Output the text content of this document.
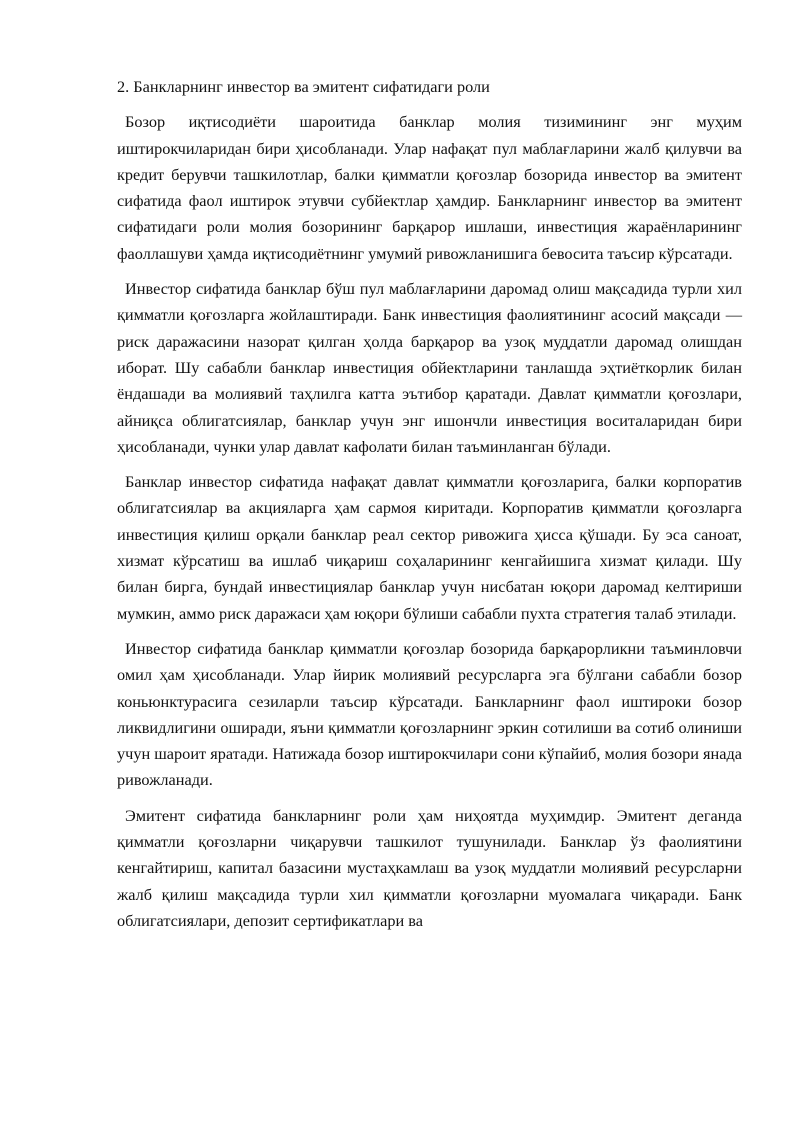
2. Банкларнинг инвестор ва эмитент сифатидаги роли

Бозор иқтисодиёти шароитида банклар молия тизимининг энг муҳим иштирокчиларидан бири ҳисобланади. Улар нафақат пул маблағларини жалб қилувчи ва кредит берувчи ташкилотлар, балки қимматли қоғозлар бозорида инвестор ва эмитент сифатида фаол иштирок этувчи субйектлар ҳамдир. Банкларнинг инвестор ва эмитент сифатидаги роли молия бозорининг барқарор ишлаши, инвестиция жараёнларининг фаоллашуви ҳамда иқтисодиётнинг умумий ривожланишига бевосита таъсир кўрсатади.

Инвестор сифатида банклар бўш пул маблағларини даромад олиш мақсадида турли хил қимматли қоғозларга жойлаштиради. Банк инвестиция фаолиятининг асосий мақсади — риск даражасини назорат қилган ҳолда барқарор ва узоқ муддатли даромад олишдан иборат. Шу сабабли банклар инвестиция обйектларини танлашда эҳтиёткорлик билан ёндашади ва молиявий таҳлилга катта эътибор қаратади. Давлат қимматли қоғозлари, айниқса облигатсиялар, банклар учун энг ишончли инвестиция воситаларидан бири ҳисобланади, чунки улар давлат кафолати билан таъминланган бўлади.

Банклар инвестор сифатида нафақат давлат қимматли қоғозларига, балки корпоратив облигатсиялар ва акцияларга ҳам сармоя киритади. Корпоратив қимматли қоғозларга инвестиция қилиш орқали банклар реал сектор ривожига ҳисса қўшади. Бу эса саноат, хизмат кўрсатиш ва ишлаб чиқариш соҳаларининг кенгайишига хизмат қилади. Шу билан бирга, бундай инвестициялар банклар учун нисбатан юқори даромад келтириши мумкин, аммо риск даражаси ҳам юқори бўлиши сабабли пухта стратегия талаб этилади.

Инвестор сифатида банклар қимматли қоғозлар бозорида барқарорликни таъминловчи омил ҳам ҳисобланади. Улар йирик молиявий ресурсларга эга бўлгани сабабли бозор коньюнктурасига сезиларли таъсир кўрсатади. Банкларнинг фаол иштироки бозор ликвидлигини оширади, яъни қимматли қоғозларнинг эркин сотилиши ва сотиб олиниши учун шароит яратади. Натижада бозор иштирокчилари сони кўпайиб, молия бозори янада ривожланади.

Эмитент сифатида банкларнинг роли ҳам ниҳоятда муҳимдир. Эмитент деганда қимматли қоғозларни чиқарувчи ташкилот тушунилади. Банклар ўз фаолиятини кенгайтириш, капитал базасини мустаҳкамлаш ва узоқ муддатли молиявий ресурсларни жалб қилиш мақсадида турли хил қимматли қоғозларни муомалага чиқаради. Банк облигатсиялари, депозит сертификатлари ва
